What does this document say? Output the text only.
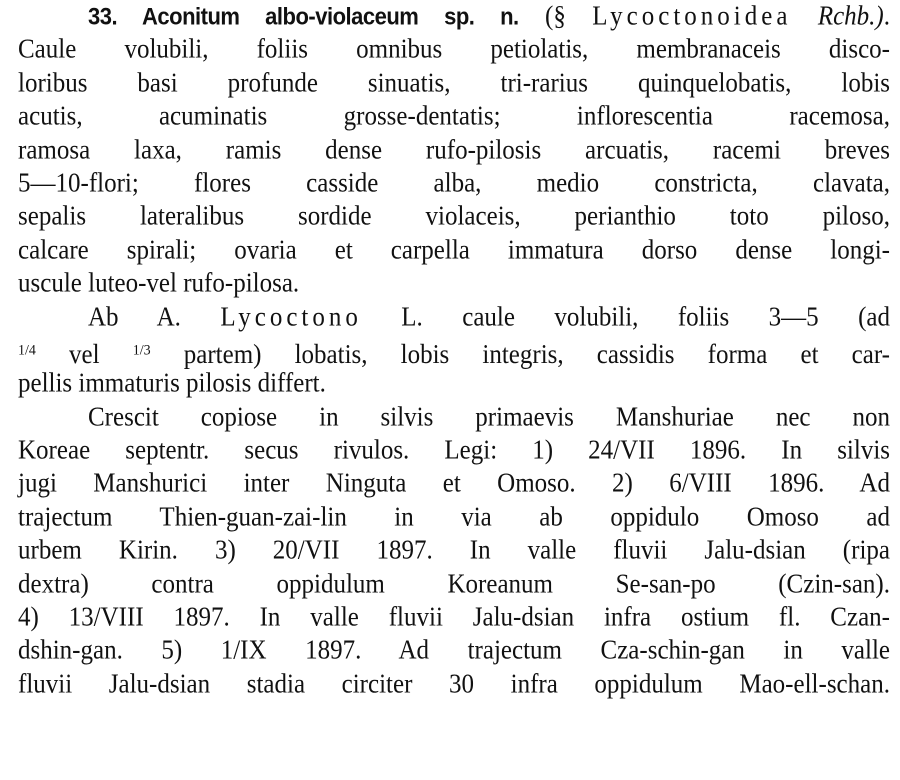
33. Aconitum albo-violaceum sp. n. (§ Lycoctonoidea Rchb.).
Caule volubili, foliis omnibus petiolatis, membranaceis disco-
loribus basi profunde sinuatis, tri-rarius quinquelobatis, lobis
acutis, acuminatis grosse-dentatis; inflorescentia racemosa,
ramosa laxa, ramis dense rufo-pilosis arcuatis, racemi breves
5—10-flori; flores casside alba, medio constricta, clavata,
sepalis lateralibus sordide violaceis, perianthio toto piloso,
calcare spirali; ovaria et carpella immatura dorso dense longi-
uscule luteo-vel rufo-pilosa.
Ab A. Lycoctono L. caule volubili, foliis 3—5 (ad
$^{1/4}$ vel $^{1/3}$ partem) lobatis, lobis integris, cassidis forma et car-
pellis immaturis pilosis differt.
Crescit copiose in silvis primaevis Manshuriae nec non
Koreae septentr. secus rivulos. Legi: 1) 24/VII 1896. In silvis
jugi Manshurici inter Ninguta et Omoso. 2) 6/VIII 1896. Ad
trajectum Thien-guan-zai-lin in via ab oppidulo Omoso ad
urbem Kirin. 3) 20/VII 1897. In valle fluvii Jalu-dsian (ripa
dextra) contra oppidulum Koreanum Se-san-po (Czin-san).
4) 13/VIII 1897. In valle fluvii Jalu-dsian infra ostium fl. Czan-
dshin-gan. 5) 1/IX 1897. Ad trajectum Cza-schin-gan in valle
fluvii Jalu-dsian stadia circiter 30 infra oppidulum Mao-ell-schan.
